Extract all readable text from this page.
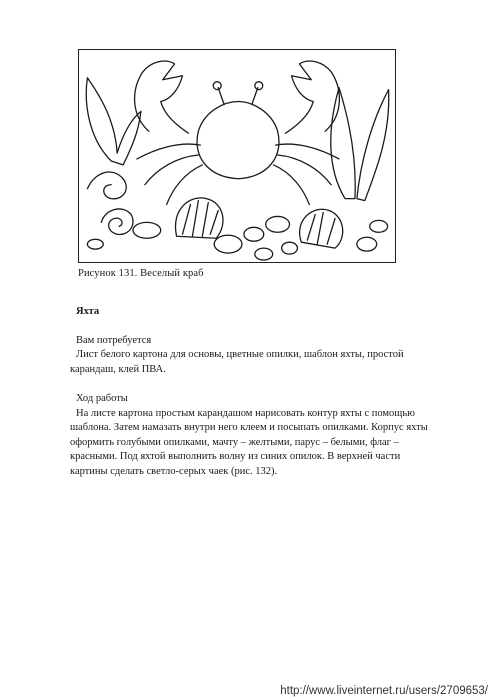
Рисунок 131. Веселый краб

Яхта

Вам потребуется

Лист белого картона для основы, цветные опилки, шаблон яхты, простой карандаш, клей ПВА.

Ход работы

На листе картона простым карандашом нарисовать контур яхты с помощью шаблона. Затем намазать внутри него клеем и посыпать опилками. Корпус яхты оформить голубыми опилками, мачту – желтыми, парус – белыми, флаг – красными. Под яхтой выполнить волну из синих опилок. В верхней части картины сделать светло-серых чаек (рис. 132).

http://www.liveinternet.ru/users/2709653/
